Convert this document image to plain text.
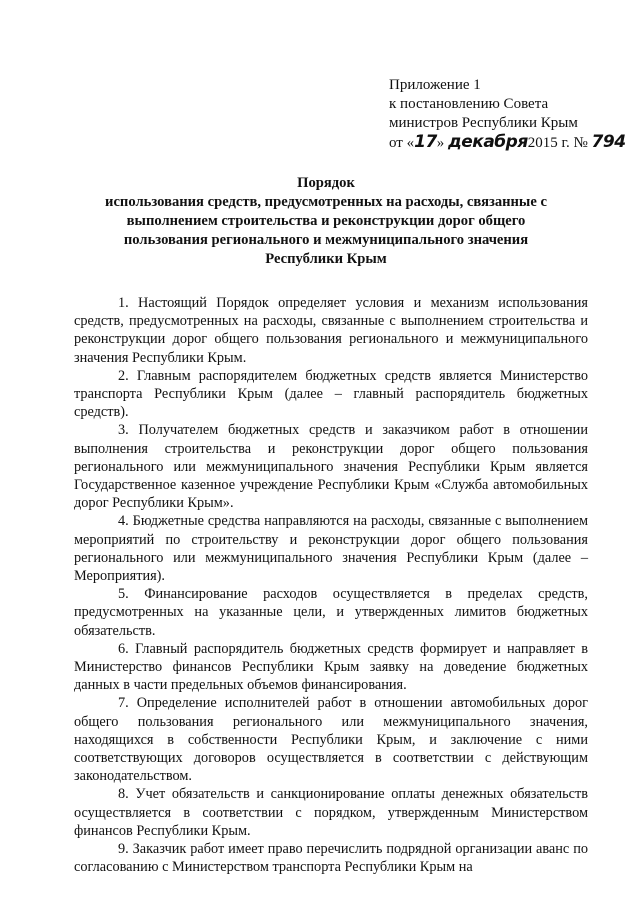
Приложение 1
к постановлению Совета
министров Республики Крым
от «17» декабря2015 г. № 794
Порядок
использования средств, предусмотренных на расходы, связанные с
выполнением строительства и реконструкции дорог общего
пользования регионального и межмуниципального значения
Республики Крым

1. Настоящий Порядок определяет условия и механизм использования средств, предусмотренных на расходы, связанные с выполнением строительства и реконструкции дорог общего пользования регионального и межмуниципального значения Республики Крым.

2. Главным распорядителем бюджетных средств является Министерство транспорта Республики Крым (далее – главный распорядитель бюджетных средств).

3. Получателем бюджетных средств и заказчиком работ в отношении выполнения строительства и реконструкции дорог общего пользования регионального или межмуниципального значения Республики Крым является Государственное казенное учреждение Республики Крым «Служба автомобильных дорог Республики Крым».

4. Бюджетные средства направляются на расходы, связанные с выполнением мероприятий по строительству и реконструкции дорог общего пользования регионального или межмуниципального значения Республики Крым (далее – Мероприятия).

5. Финансирование расходов осуществляется в пределах средств, предусмотренных на указанные цели, и утвержденных лимитов бюджетных обязательств.

6. Главный распорядитель бюджетных средств формирует и направляет в Министерство финансов Республики Крым заявку на доведение бюджетных данных в части предельных объемов финансирования.

7. Определение исполнителей работ в отношении автомобильных дорог общего пользования регионального или межмуниципального значения, находящихся в собственности Республики Крым, и заключение с ними соответствующих договоров осуществляется в соответствии с действующим законодательством.

8. Учет обязательств и санкционирование оплаты денежных обязательств осуществляется в соответствии с порядком, утвержденным Министерством финансов Республики Крым.

9. Заказчик работ имеет право перечислить подрядной организации аванс по согласованию с Министерством транспорта Республики Крым на
